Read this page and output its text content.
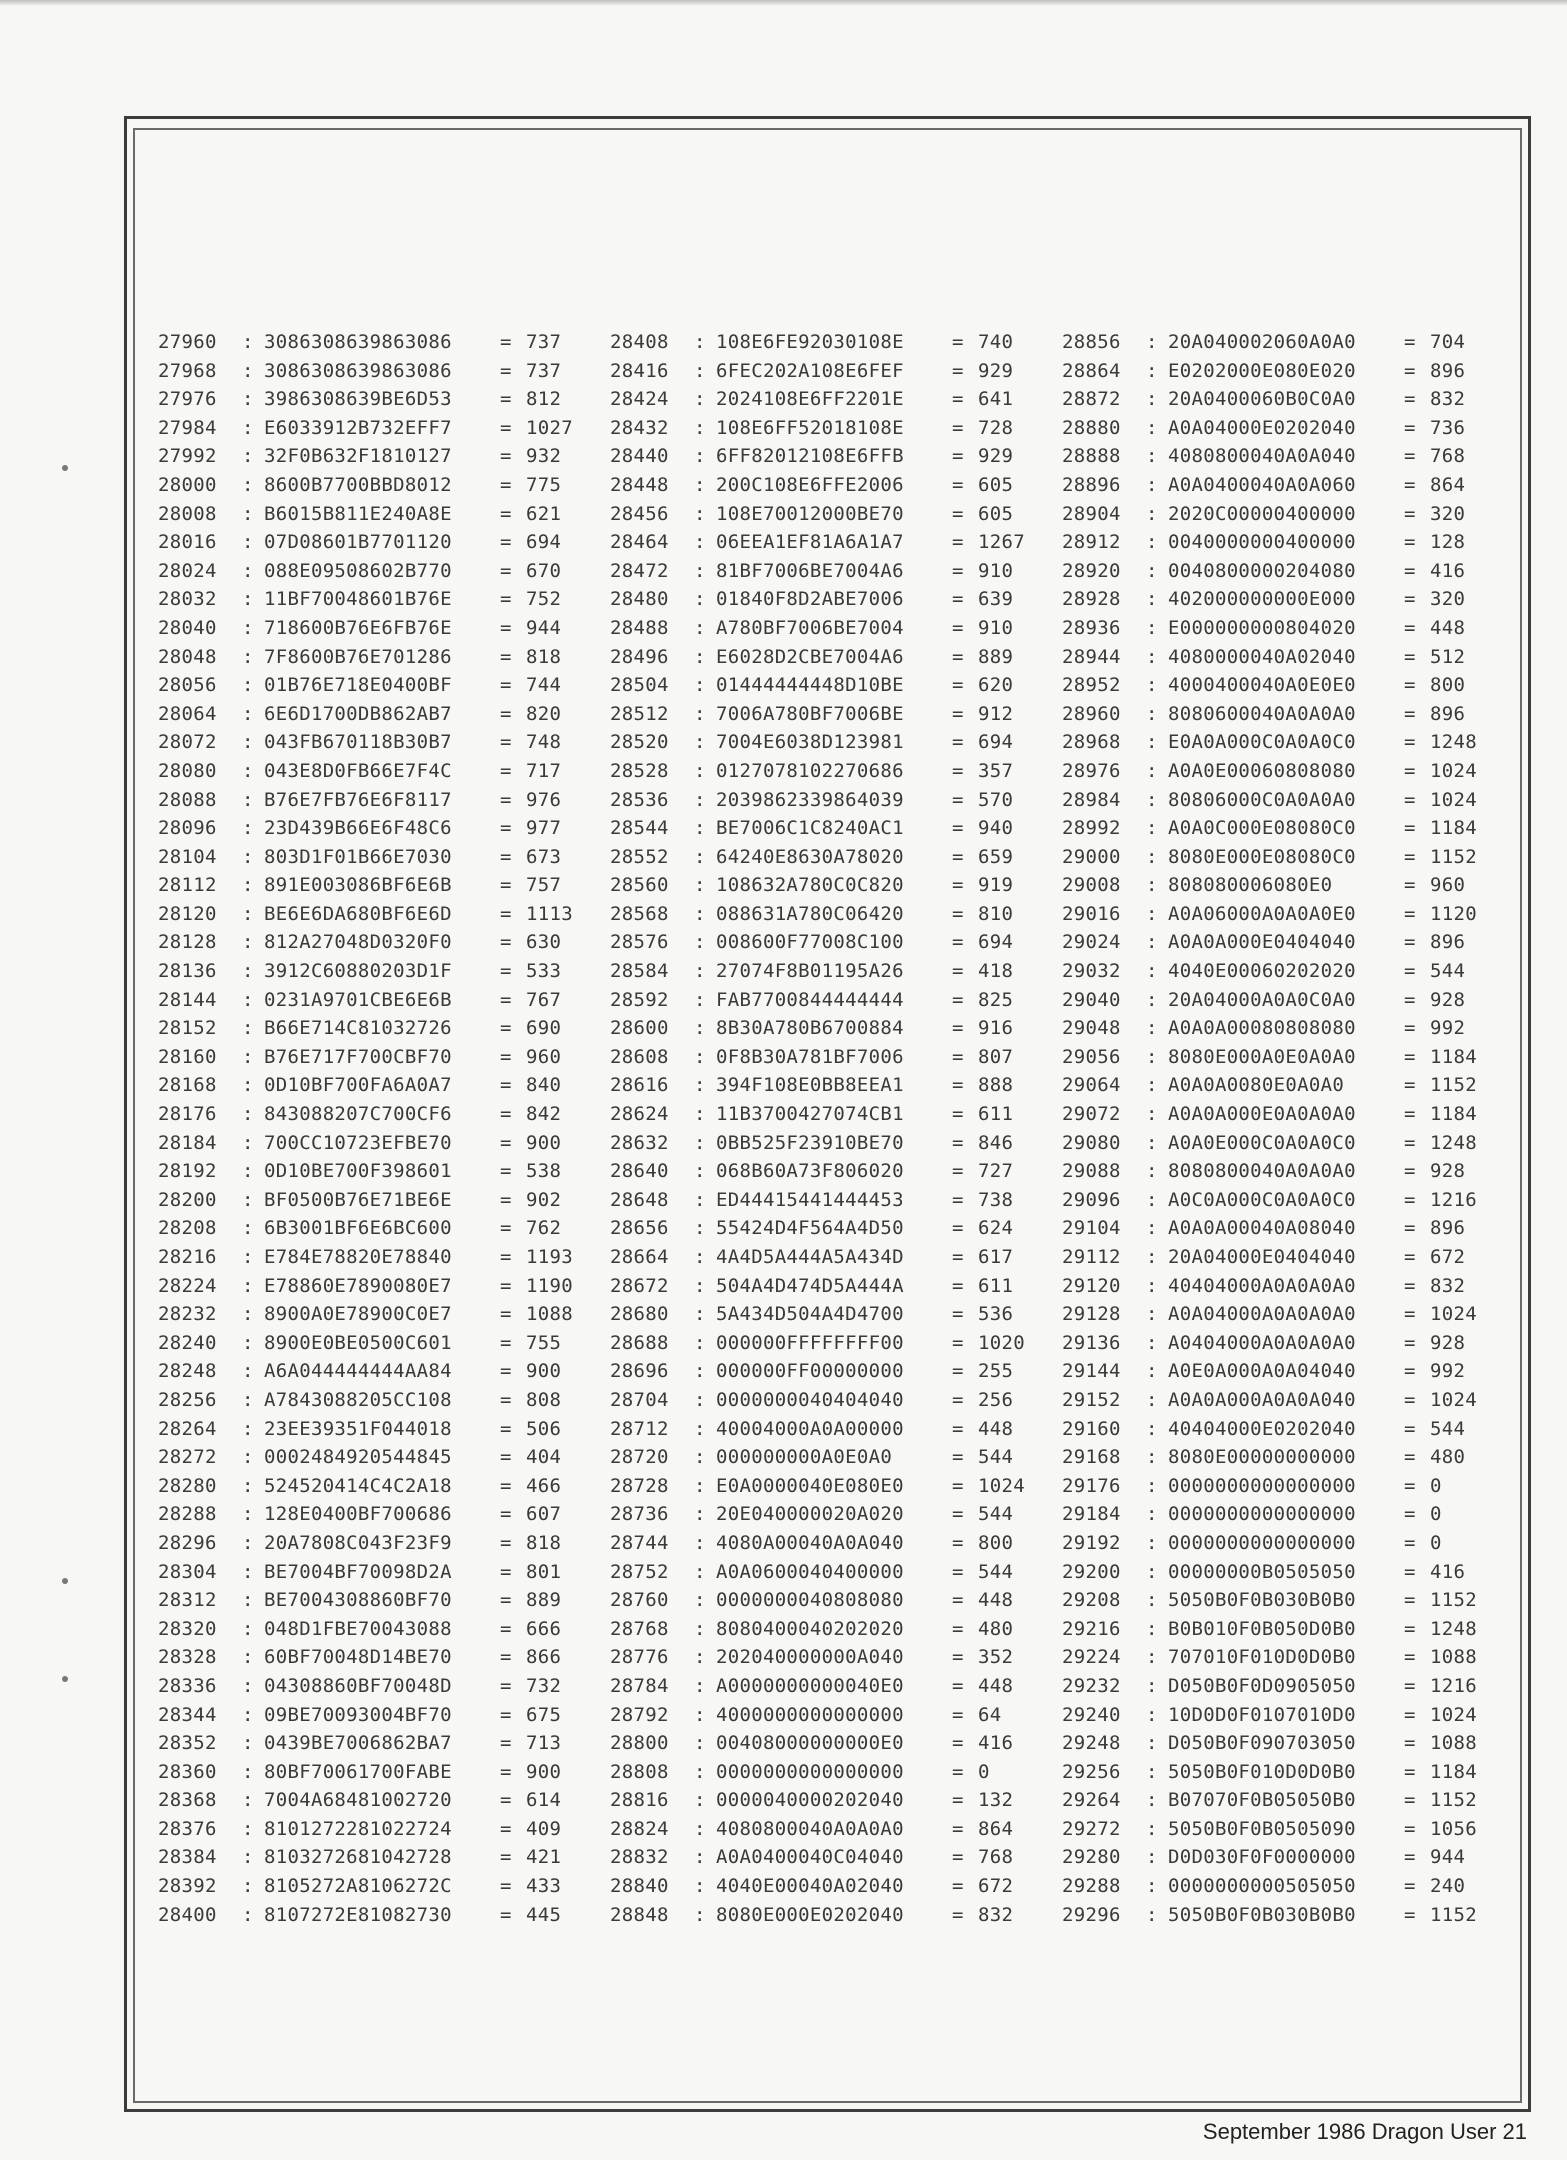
27960 : 3086308639863086	= 737
27968 : 3086308639863086	= 737
27976 : 3986308639BE6D53	= 812
27984 : E6033912B732EFF7	= 1027
27992 : 32F0B632F1810127	= 932
28000 : 8600B7700BBD8012	= 775
28008 : B6015B811E240A8E	= 621
28016 : 07D08601B7701120	= 694
28024 : 088E09508602B770	= 670
28032 : 11BF70048601B76E	= 752
28040 : 718600B76E6FB76E	= 944
28048 : 7F8600B76E701286	= 818
28056 : 01B76E718E0400BF	= 744
28064 : 6E6D1700DB862AB7	= 820
28072 : 043FB670118B30B7	= 748
28080 : 043E8D0FB66E7F4C	= 717
28088 : B76E7FB76E6F8117	= 976
28096 : 23D439B66E6F48C6	= 977
28104 : 803D1F01B66E7030	= 673
28112 : 891E003086BF6E6B	= 757
28120 : BE6E6DA680BF6E6D	= 1113
28128 : 812A27048D0320F0	= 630
28136 : 3912C60880203D1F	= 533
28144 : 0231A9701CBE6E6B	= 767
28152 : B66E714C81032726	= 690
28160 : B76E717F700CBF70	= 960
28168 : 0D10BF700FA6A0A7	= 840
28176 : 843088207C700CF6	= 842
28184 : 700CC10723EFBE70	= 900
28192 : 0D10BE700F398601	= 538
28200 : BF0500B76E71BE6E	= 902
28208 : 6B3001BF6E6BC600	= 762
28216 : E784E78820E78840	= 1193
28224 : E78860E7890080E7	= 1190
28232 : 8900A0E78900C0E7	= 1088
28240 : 8900E0BE0500C601	= 755
28248 : A6A044444444AA84	= 900
28256 : A7843088205CC108	= 808
28264 : 23EE39351F044018	= 506
28272 : 0002484920544845	= 404
28280 : 524520414C4C2A18	= 466
28288 : 128E0400BF700686	= 607
28296 : 20A7808C043F23F9	= 818
28304 : BE7004BF70098D2A	= 801
28312 : BE7004308860BF70	= 889
28320 : 048D1FBE70043088	= 666
28328 : 60BF70048D14BE70	= 866
28336 : 04308860BF70048D	= 732
28344 : 09BE70093004BF70	= 675
28352 : 0439BE7006862BA7	= 713
28360 : 80BF70061700FABE	= 900
28368 : 7004A68481002720	= 614
28376 : 8101272281022724	= 409
28384 : 8103272681042728	= 421
28392 : 8105272A8106272C	= 433
28400 : 8107272E81082730	= 445
28408 : 108E6FE92030108E	= 740
28416 : 6FEC202A108E6FEF	= 929
28424 : 2024108E6FF2201E	= 641
28432 : 108E6FF52018108E	= 728
28440 : 6FF82012108E6FFB	= 929
28448 : 200C108E6FFE2006	= 605
28456 : 108E70012000BE70	= 605
28464 : 06EEA1EF81A6A1A7	= 1267
28472 : 81BF7006BE7004A6	= 910
28480 : 01840F8D2ABE7006	= 639
28488 : A780BF7006BE7004	= 910
28496 : E6028D2CBE7004A6	= 889
28504 : 01444444448D10BE	= 620
28512 : 7006A780BF7006BE	= 912
28520 : 7004E6038D123981	= 694
28528 : 0127078102270686	= 357
28536 : 2039862339864039	= 570
28544 : BE7006C1C8240AC1	= 940
28552 : 64240E8630A78020	= 659
28560 : 108632A780C0C820	= 919
28568 : 088631A780C06420	= 810
28576 : 008600F77008C100	= 694
28584 : 27074F8B01195A26	= 418
28592 : FAB7700844444444	= 825
28600 : 8B30A780B6700884	= 916
28608 : 0F8B30A781BF7006	= 807
28616 : 394F108E0BB8EEA1	= 888
28624 : 11B3700427074CB1	= 611
28632 : 0BB525F23910BE70	= 846
28640 : 068B60A73F806020	= 727
28648 : ED44415441444453	= 738
28656 : 55424D4F564A4D50	= 624
28664 : 4A4D5A444A5A434D	= 617
28672 : 504A4D474D5A444A	= 611
28680 : 5A434D504A4D4700	= 536
28688 : 000000FFFFFFFF00	= 1020
28696 : 000000FF00000000	= 255
28704 : 0000000040404040	= 256
28712 : 40004000A0A00000	= 448
28720 : 000000000A0E0A0	= 544
28728 : E0A0000040E080E0	= 1024
28736 : 20E040000020A020	= 544
28744 : 4080A00040A0A040	= 800
28752 : A0A0600040400000	= 544
28760 : 0000000040808080	= 448
28768 : 8080400040202020	= 480
28776 : 202040000000A040	= 352
28784 : A0000000000040E0	= 448
28792 : 4000000000000000	= 64
28800 : 00408000000000E0	= 416
28808 : 0000000000000000	= 0
28816 : 0000040000202040	= 132
28824 : 4080800040A0A0A0	= 864
28832 : A0A0400040C04040	= 768
28840 : 4040E00040A02040	= 672
28848 : 8080E000E0202040	= 832
28856 : 20A040002060A0A0	= 704
28864 : E0202000E080E020	= 896
28872 : 20A0400060B0C0A0	= 832
28880 : A0A04000E0202040	= 736
28888 : 4080800040A0A040	= 768
28896 : A0A0400040A0A060	= 864
28904 : 2020C00000400000	= 320
28912 : 0040000000400000	= 128
28920 : 0040800000204080	= 416
28928 : 402000000000E000	= 320
28936 : E000000000804020	= 448
28944 : 4080000040A02040	= 512
28952 : 4000400040A0E0E0	= 800
28960 : 8080600040A0A0A0	= 896
28968 : E0A0A000C0A0A0C0	= 1248
28976 : A0A0E00060808080	= 1024
28984 : 80806000C0A0A0A0	= 1024
28992 : A0A0C000E08080C0	= 1184
29000 : 8080E000E08080C0	= 1152
29008 : 808080006080E0	= 960
29016 : A0A06000A0A0A0E0	= 1120
29024 : A0A0A000E0404040	= 896
29032 : 4040E00060202020	= 544
29040 : 20A04000A0A0C0A0	= 928
29048 : A0A0A00080808080	= 992
29056 : 8080E000A0E0A0A0	= 1184
29064 : A0A0A0080E0A0A0	= 1152
29072 : A0A0A000E0A0A0A0	= 1184
29080 : A0A0E000C0A0A0C0	= 1248
29088 : 8080800040A0A0A0	= 928
29096 : A0C0A000C0A0A0C0	= 1216
29104 : A0A0A00040A08040	= 896
29112 : 20A04000E0404040	= 672
29120 : 40404000A0A0A0A0	= 832
29128 : A0A04000A0A0A0A0	= 1024
29136 : A0404000A0A0A0A0	= 928
29144 : A0E0A000A0A04040	= 992
29152 : A0A0A000A0A0A040	= 1024
29160 : 40404000E0202040	= 544
29168 : 8080E00000000000	= 480
29176 : 0000000000000000	= 0
29184 : 0000000000000000	= 0
29192 : 0000000000000000	= 0
29200 : 00000000B0505050	= 416
29208 : 5050B0F0B030B0B0	= 1152
29216 : B0B010F0B050D0B0	= 1248
29224 : 707010F010D0D0B0	= 1088
29232 : D050B0F0D0905050	= 1216
29240 : 10D0D0F0107010D0	= 1024
29248 : D050B0F090703050	= 1088
29256 : 5050B0F010D0D0B0	= 1184
29264 : B07070F0B05050B0	= 1152
29272 : 5050B0F0B0505090	= 1056
29280 : D0D030F0F0000000	= 944
29288 : 0000000000505050	= 240
29296 : 5050B0F0B030B0B0	= 1152
September 1986 Dragon User 21
